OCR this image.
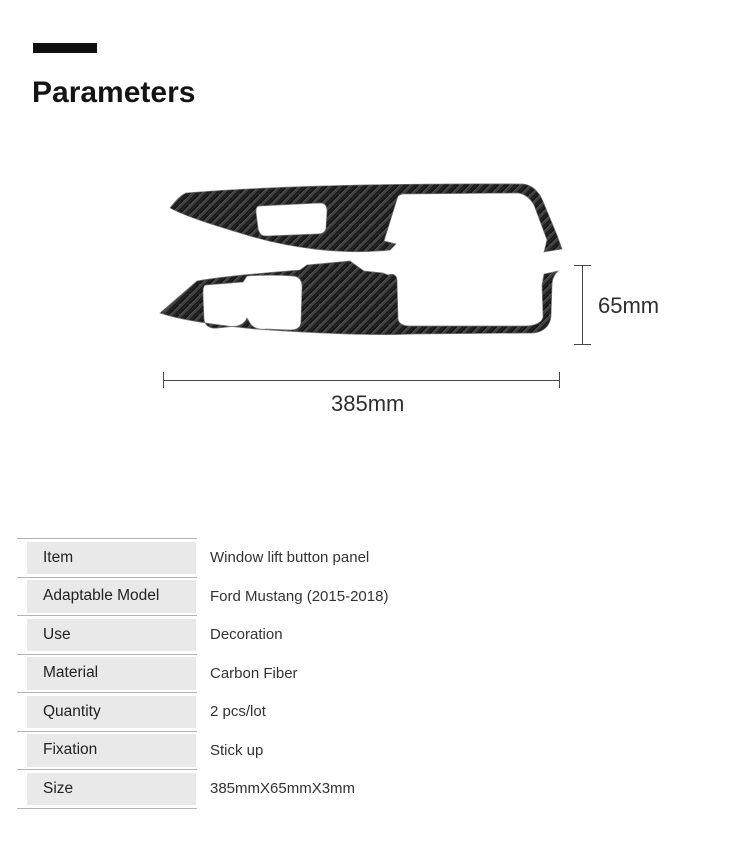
Parameters
65mm
385mm
Item	Window lift button panel
Adaptable Model	Ford Mustang (2015-2018)
Use	Decoration
Material	Carbon Fiber
Quantity	2 pcs/lot
Fixation	Stick up
Size	385mmX65mmX3mm
